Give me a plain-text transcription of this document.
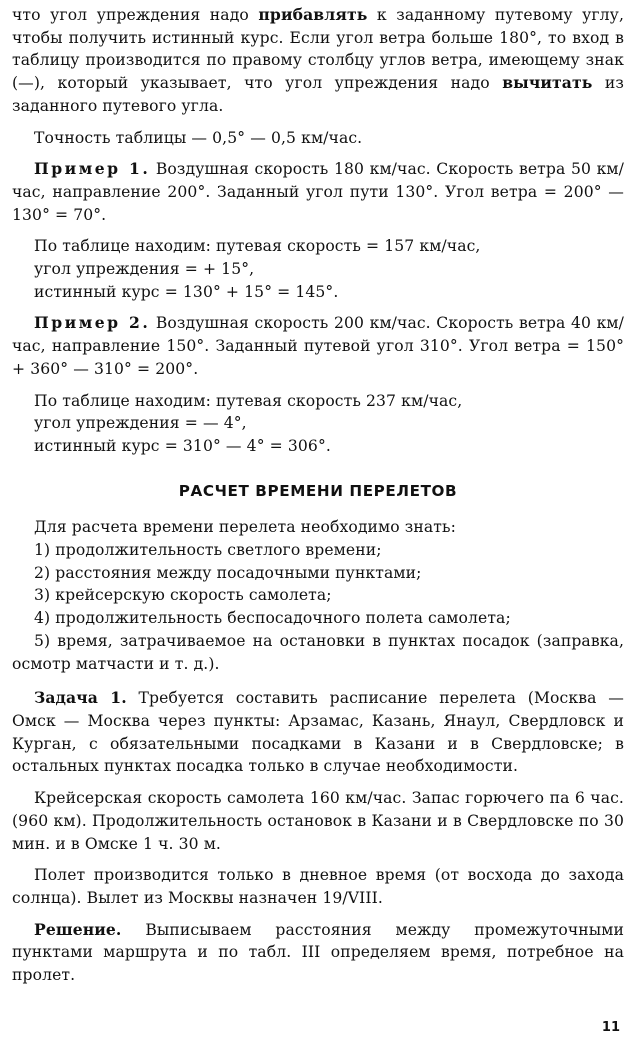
что угол упреждения надо прибавлять к заданному путевому углу, чтобы получить истинный курс. Если угол ветра больше 180°, то вход в таблицу производится по правому столбцу углов ветра, имеющему знак (—), который указывает, что угол упреждения надо вычитать из заданного путевого угла.

Точность таблицы — 0,5° — 0,5 км/час.

Пример 1. Воздушная скорость 180 км/час. Скорость ветра 50 км/час, направление 200°. Заданный угол пути 130°. Угол ветра = 200° — 130° = 70°.

По таблице находим: путевая скорость = 157 км/час,

угол упреждения = + 15°,

истинный курс = 130° + 15° = 145°.

Пример 2. Воздушная скорость 200 км/час. Скорость ветра 40 км/час, направление 150°. Заданный путевой угол 310°. Угол ветра = 150° + 360° — 310° = 200°.

По таблице находим: путевая скорость 237 км/час,

угол упреждения = — 4°,

истинный курс = 310° — 4° = 306°.

РАСЧЕТ ВРЕМЕНИ ПЕРЕЛЕТОВ

Для расчета времени перелета необходимо знать:

1) продолжительность светлого времени;

2) расстояния между посадочными пунктами;

3) крейсерскую скорость самолета;

4) продолжительность беспосадочного полета самолета;

5) время, затрачиваемое на остановки в пунктах посадок (заправка, осмотр матчасти и т. д.).

Задача 1. Требуется составить расписание перелета (Москва — Омск — Москва через пункты: Арзамас, Казань, Янаул, Свердловск и Курган, с обязательными посадками в Казани и в Свердловске; в остальных пунктах посадка только в случае необходимости.

Крейсерская скорость самолета 160 км/час. Запас горючего па 6 час. (960 км). Продолжительность остановок в Казани и в Свердловске по 30 мин. и в Омске 1 ч. 30 м.

Полет производится только в дневное время (от восхода до захода солнца). Вылет из Москвы назначен 19/VIII.

Решение. Выписываем расстояния между промежуточными пунктами маршрута и по табл. III определяем время, потребное на пролет.

11
